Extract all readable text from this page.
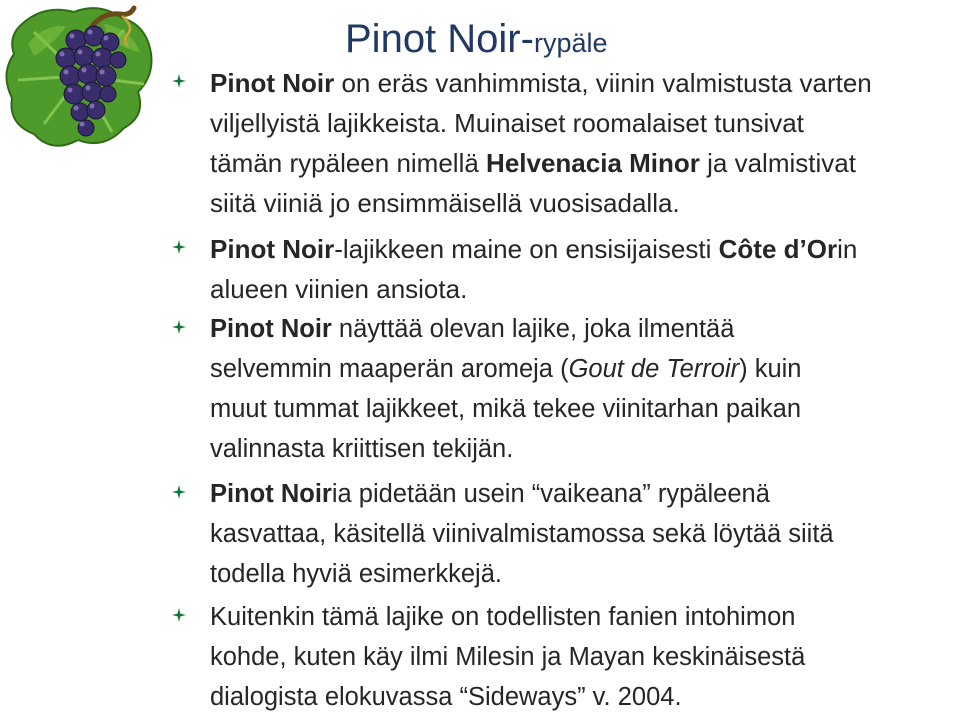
Pinot Noir-rypäle
Pinot Noir on eräs vanhimmista, viinin valmistusta varten
viljellyistä lajikkeista. Muinaiset roomalaiset tunsivat
tämän rypäleen nimellä Helvenacia Minor ja valmistivat
siitä viiniä jo ensimmäisellä vuosisadalla.
Pinot Noir-lajikkeen maine on ensisijaisesti Côte d’Orin
alueen viinien ansiota.
Pinot Noir näyttää olevan lajike, joka ilmentää
selvemmin maaperän aromeja (Gout de Terroir) kuin
muut tummat lajikkeet, mikä tekee viinitarhan paikan
valinnasta kriittisen tekijän.
Pinot Noiria pidetään usein “vaikeana” rypäleenä
kasvattaa, käsitellä viinivalmistamossa sekä löytää siitä
todella hyviä esimerkkejä.
Kuitenkin tämä lajike on todellisten fanien intohimon
kohde, kuten käy ilmi Milesin ja Mayan keskinäisestä
dialogista elokuvassa “Sideways” v. 2004.
